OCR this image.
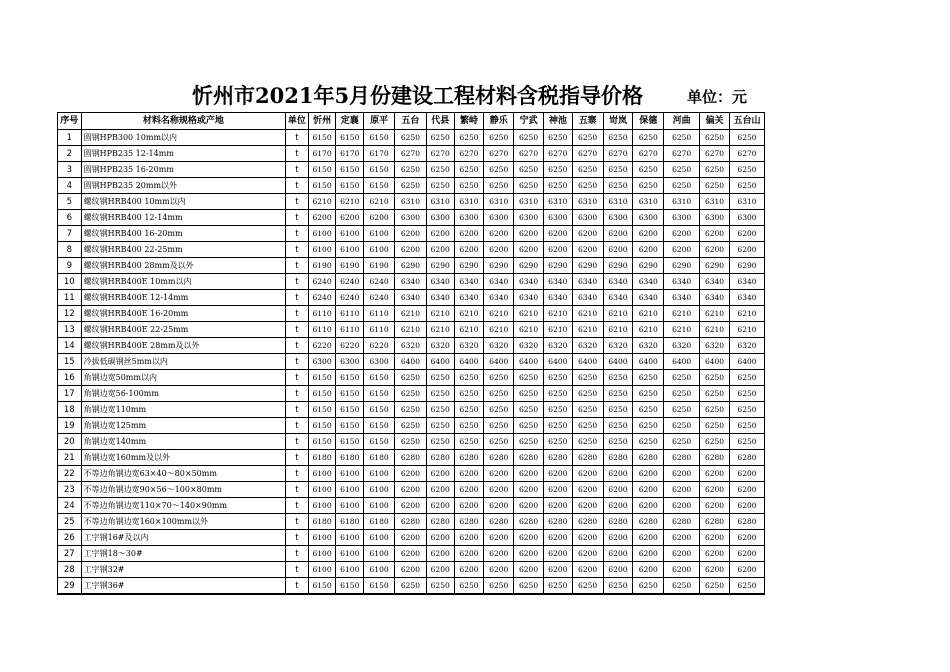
忻州市2021年5月份建设工程材料含税指导价格	单位：元
序号	材料名称规格或产地	单位	忻州	定襄	原平	五台	代县	繁峙	静乐	宁武	神池	五寨	岢岚	保德	河曲	偏关	五台山
1	圆钢HPB300 10mm以内	t	6150	6150	6150	6250	6250	6250	6250	6250	6250	6250	6250	6250	6250	6250	6250
2	圆钢HPB235 12-14mm	t	6170	6170	6170	6270	6270	6270	6270	6270	6270	6270	6270	6270	6270	6270	6270
3	圆钢HPB235 16-20mm	t	6150	6150	6150	6250	6250	6250	6250	6250	6250	6250	6250	6250	6250	6250	6250
4	圆钢HPB235 20mm以外	t	6150	6150	6150	6250	6250	6250	6250	6250	6250	6250	6250	6250	6250	6250	6250
5	螺纹钢HRB400 10mm以内	t	6210	6210	6210	6310	6310	6310	6310	6310	6310	6310	6310	6310	6310	6310	6310
6	螺纹钢HRB400 12-14mm	t	6200	6200	6200	6300	6300	6300	6300	6300	6300	6300	6300	6300	6300	6300	6300
7	螺纹钢HRB400 16-20mm	t	6100	6100	6100	6200	6200	6200	6200	6200	6200	6200	6200	6200	6200	6200	6200
8	螺纹钢HRB400 22-25mm	t	6100	6100	6100	6200	6200	6200	6200	6200	6200	6200	6200	6200	6200	6200	6200
9	螺纹钢HRB400 28mm及以外	t	6190	6190	6190	6290	6290	6290	6290	6290	6290	6290	6290	6290	6290	6290	6290
10	螺纹钢HRB400E 10mm以内	t	6240	6240	6240	6340	6340	6340	6340	6340	6340	6340	6340	6340	6340	6340	6340
11	螺纹钢HRB400E 12-14mm	t	6240	6240	6240	6340	6340	6340	6340	6340	6340	6340	6340	6340	6340	6340	6340
12	螺纹钢HRB400E 16-20mm	t	6110	6110	6110	6210	6210	6210	6210	6210	6210	6210	6210	6210	6210	6210	6210
13	螺纹钢HRB400E 22-25mm	t	6110	6110	6110	6210	6210	6210	6210	6210	6210	6210	6210	6210	6210	6210	6210
14	螺纹钢HRB400E 28mm及以外	t	6220	6220	6220	6320	6320	6320	6320	6320	6320	6320	6320	6320	6320	6320	6320
15	冷拔低碳钢丝5mm以内	t	6300	6300	6300	6400	6400	6400	6400	6400	6400	6400	6400	6400	6400	6400	6400
16	角钢边宽50mm以内	t	6150	6150	6150	6250	6250	6250	6250	6250	6250	6250	6250	6250	6250	6250	6250
17	角钢边宽56-100mm	t	6150	6150	6150	6250	6250	6250	6250	6250	6250	6250	6250	6250	6250	6250	6250
18	角钢边宽110mm	t	6150	6150	6150	6250	6250	6250	6250	6250	6250	6250	6250	6250	6250	6250	6250
19	角钢边宽125mm	t	6150	6150	6150	6250	6250	6250	6250	6250	6250	6250	6250	6250	6250	6250	6250
20	角钢边宽140mm	t	6150	6150	6150	6250	6250	6250	6250	6250	6250	6250	6250	6250	6250	6250	6250
21	角钢边宽160mm及以外	t	6180	6180	6180	6280	6280	6280	6280	6280	6280	6280	6280	6280	6280	6280	6280
22	不等边角钢边宽63×40～80×50mm	t	6100	6100	6100	6200	6200	6200	6200	6200	6200	6200	6200	6200	6200	6200	6200
23	不等边角钢边宽90×56～100×80mm	t	6100	6100	6100	6200	6200	6200	6200	6200	6200	6200	6200	6200	6200	6200	6200
24	不等边角钢边宽110×70～140×90mm	t	6100	6100	6100	6200	6200	6200	6200	6200	6200	6200	6200	6200	6200	6200	6200
25	不等边角钢边宽160×100mm以外	t	6180	6180	6180	6280	6280	6280	6280	6280	6280	6280	6280	6280	6280	6280	6280
26	工字钢16#及以内	t	6100	6100	6100	6200	6200	6200	6200	6200	6200	6200	6200	6200	6200	6200	6200
27	工字钢18～30#	t	6100	6100	6100	6200	6200	6200	6200	6200	6200	6200	6200	6200	6200	6200	6200
28	工字钢32#	t	6100	6100	6100	6200	6200	6200	6200	6200	6200	6200	6200	6200	6200	6200	6200
29	工字钢36#	t	6150	6150	6150	6250	6250	6250	6250	6250	6250	6250	6250	6250	6250	6250	6250
